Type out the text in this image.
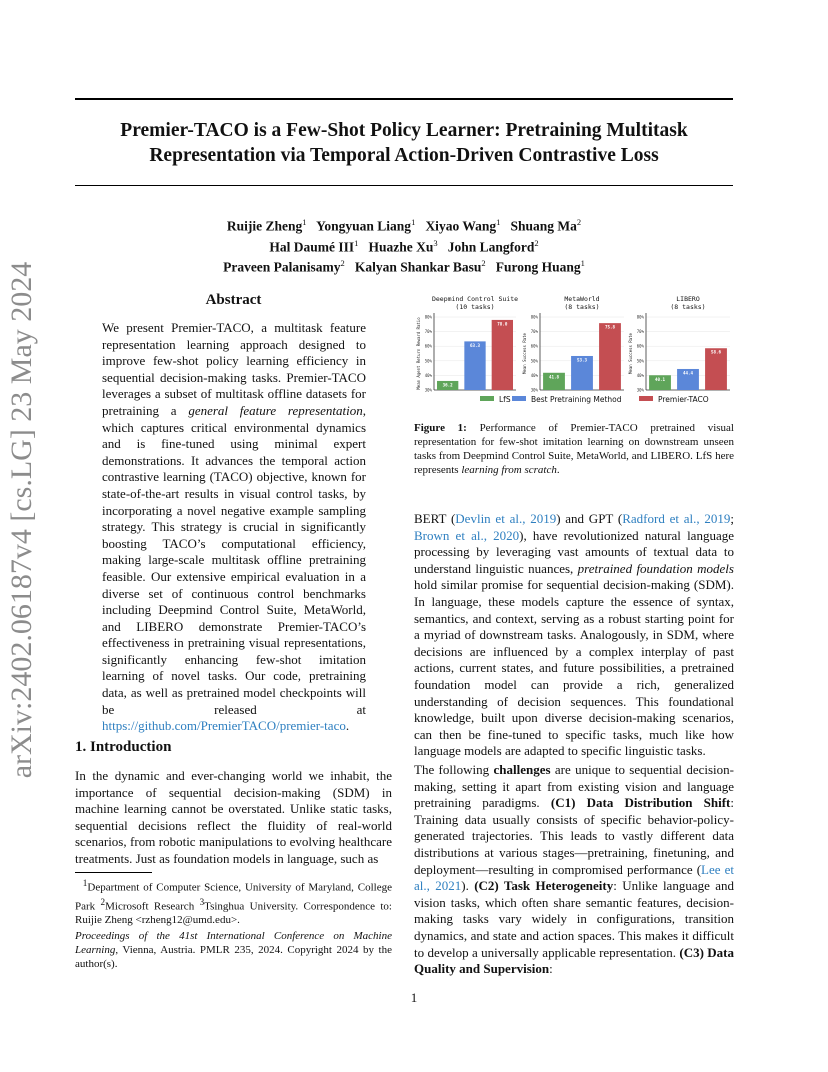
Premier-TACO is a Few-Shot Policy Learner: Pretraining Multitask
Representation via Temporal Action-Driven Contrastive Loss
Ruijie Zheng$^1$ Yongyuan Liang$^1$ Xiyao Wang$^1$ Shuang Ma$^2$
Hal Daumé III$^1$ Huazhe Xu$^3$ John Langford$^2$
Praveen Palanisamy$^2$ Kalyan Shankar Basu$^2$ Furong Huang$^1$
arXiv:2402.06187v4 [cs.LG] 23 May 2024	Abstract
We present Premier-TACO, a multitask feature representation learning approach designed to improve few-shot policy learning efficiency in sequential decision-making tasks. Premier-TACO leverages a subset of multitask offline datasets for pretraining a general feature representation, which captures critical environmental dynamics and is fine-tuned using minimal expert demonstrations. It advances the temporal action contrastive learning (TACO) objective, known for state-of-the-art results in visual control tasks, by incorporating a novel negative example sampling strategy. This strategy is crucial in significantly boosting TACO’s computational efficiency, making large-scale multitask offline pretraining feasible. Our extensive empirical evaluation in a diverse set of continuous control benchmarks including Deepmind Control Suite, MetaWorld, and LIBERO demonstrate Premier-TACO’s effectiveness in pretraining visual representations, significantly enhancing few-shot imitation learning of novel tasks. Our code, pretraining data, as well as pretrained model checkpoints will be released at https://github.com/PremierTACO/premier-taco.
1. Introduction
In the dynamic and ever-changing world we inhabit, the importance of sequential decision-making (SDM) in machine learning cannot be overstated. Unlike static tasks, sequential decisions reflect the fluidity of real-world scenarios, from robotic manipulations to evolving healthcare treatments. Just as foundation models in language, such as
$^1$Department of Computer Science, University of Maryland, College Park $^2$Microsoft Research $^3$Tsinghua University. Correspondence to: Ruijie Zheng <rzheng12@umd.edu>.
Proceedings of the 41st International Conference on Machine Learning, Vienna, Austria. PMLR 235, 2024. Copyright 2024 by the author(s).
Deepmind Control Suite
(10 tasks)
Mean Agent Return Reward Ratio
30%
40%
50%
60%
70%
80%
36.2
63.3
78.0
MetaWorld
(8 tasks)
Mean Success Rate
30%
40%
50%
60%
70%
80%
41.8
53.3
75.8
LIBERO
(8 tasks)
Mean Success Rate
30%
40%
50%
60%
70%
80%
40.1
44.4
58.6
LfS	Best Pretraining Method	Premier-TACO
Figure 1: Performance of Premier-TACO pretrained visual representation for few-shot imitation learning on downstream unseen tasks from Deepmind Control Suite, MetaWorld, and LIBERO. LfS here represents learning from scratch.
BERT (Devlin et al., 2019) and GPT (Radford et al., 2019; Brown et al., 2020), have revolutionized natural language processing by leveraging vast amounts of textual data to understand linguistic nuances, pretrained foundation models hold similar promise for sequential decision-making (SDM). In language, these models capture the essence of syntax, semantics, and context, serving as a robust starting point for a myriad of downstream tasks. Analogously, in SDM, where decisions are influenced by a complex interplay of past actions, current states, and future possibilities, a pretrained foundation model can provide a rich, generalized understanding of decision sequences. This foundational knowledge, built upon diverse decision-making scenarios, can then be fine-tuned to specific tasks, much like how language models are adapted to specific linguistic tasks.
The following challenges are unique to sequential decision-making, setting it apart from existing vision and language pretraining paradigms. (C1) Data Distribution Shift: Training data usually consists of specific behavior-policy-generated trajectories. This leads to vastly different data distributions at various stages—pretraining, finetuning, and deployment—resulting in compromised performance (Lee et al., 2021). (C2) Task Heterogeneity: Unlike language and vision tasks, which often share semantic features, decision-making tasks vary widely in configurations, transition dynamics, and state and action spaces. This makes it difficult to develop a universally applicable representation. (C3) Data Quality and Supervision:
1
